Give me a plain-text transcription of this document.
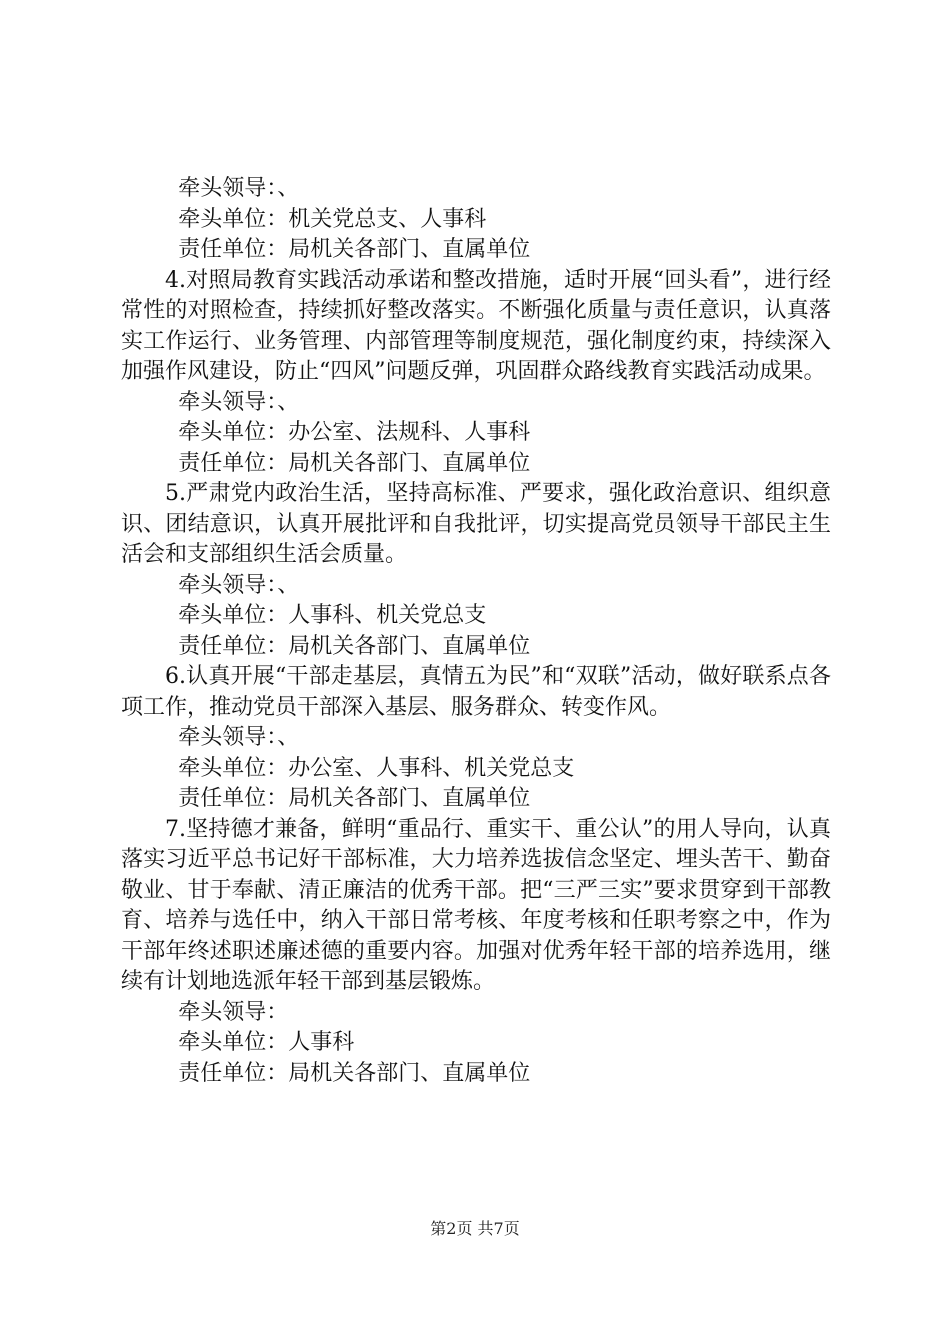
牵头领导：、

牵头单位：机关党总支、人事科

责任单位：局机关各部门、直属单位

4.对照局教育实践活动承诺和整改措施，适时开展“回头看”，进行经常性的对照检查，持续抓好整改落实。不断强化质量与责任意识，认真落实工作运行、业务管理、内部管理等制度规范，强化制度约束，持续深入加强作风建设，防止“四风”问题反弹，巩固群众路线教育实践活动成果。

牵头领导：、

牵头单位：办公室、法规科、人事科

责任单位：局机关各部门、直属单位

5.严肃党内政治生活，坚持高标准、严要求，强化政治意识、组织意识、团结意识，认真开展批评和自我批评，切实提高党员领导干部民主生活会和支部组织生活会质量。

牵头领导：、

牵头单位：人事科、机关党总支

责任单位：局机关各部门、直属单位

6.认真开展“干部走基层，真情五为民”和“双联”活动，做好联系点各项工作，推动党员干部深入基层、服务群众、转变作风。

牵头领导：、

牵头单位：办公室、人事科、机关党总支

责任单位：局机关各部门、直属单位

7.坚持德才兼备，鲜明“重品行、重实干、重公认”的用人导向，认真落实习近平总书记好干部标准，大力培养选拔信念坚定、埋头苦干、勤奋敬业、甘于奉献、清正廉洁的优秀干部。把“三严三实”要求贯穿到干部教育、培养与选任中，纳入干部日常考核、年度考核和任职考察之中，作为干部年终述职述廉述德的重要内容。加强对优秀年轻干部的培养选用，继续有计划地选派年轻干部到基层锻炼。

牵头领导：

牵头单位：人事科

责任单位：局机关各部门、直属单位

第2页 共7页
